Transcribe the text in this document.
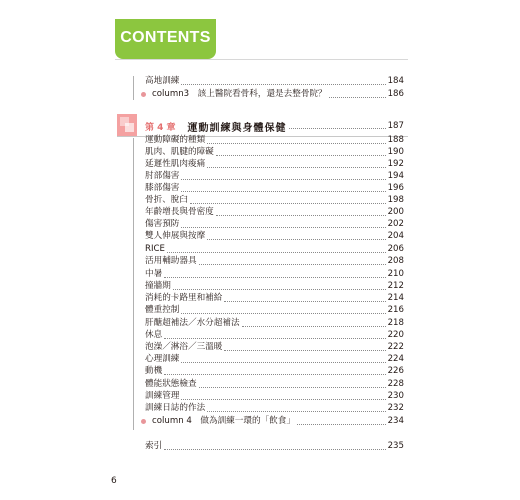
CONTENTS
高地訓練	184
column3　該上醫院看骨科，還是去整骨院？	186
第 4 章 運動訓練與身體保健	187
運動障礙的種類	188
肌肉、肌腱的障礙	190
延遲性肌肉痠痛	192
肘部傷害	194
膝部傷害	196
骨折、脫臼	198
年齡增長與骨密度	200
傷害預防	202
雙人伸展與按摩	204
RICE	206
活用輔助器具	208
中暑	210
撞牆期	212
消耗的卡路里和補給	214
體重控制	216
肝醣超補法／水分超補法	218
休息	220
泡澡／淋浴／三溫暖	222
心理訓練	224
動機	226
體能狀態檢查	228
訓練管理	230
訓練日誌的作法	232
column 4　做為訓練一環的「飲食」	234
索引	235
6
